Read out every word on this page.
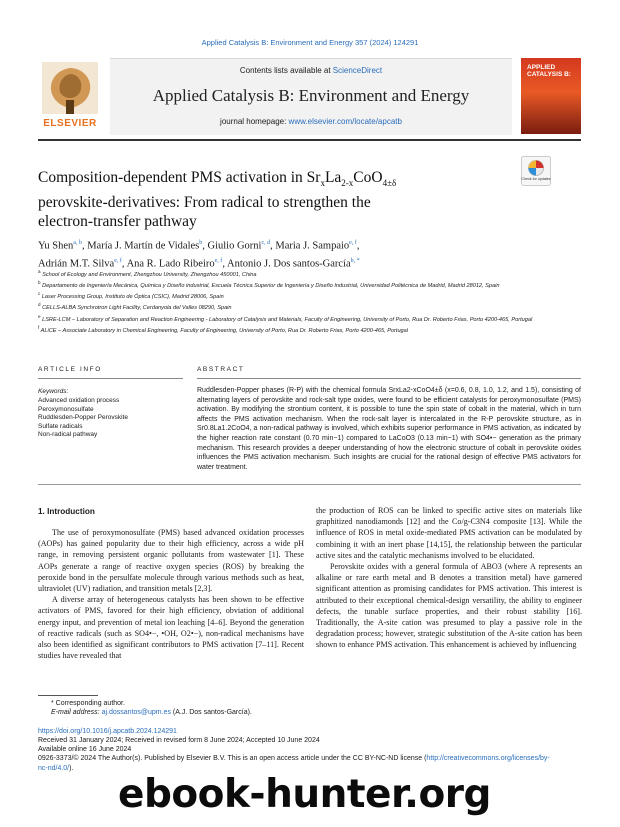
Applied Catalysis B: Environment and Energy 357 (2024) 124291
ELSEVIER
Contents lists available at ScienceDirect
Applied Catalysis B: Environment and Energy
journal homepage: www.elsevier.com/locate/apcatb
APPLIED CATALYSIS B:
Check for updates
Composition-dependent PMS activation in $Sr_xLa_{2-x}CoO_{4\pm\delta}$
perovskite-derivatives: From radical to strengthen the
electron-transfer pathway
Yu Shen$^{a, b}$, María J. Martín de Vidales$^b$, Giulio Gorni$^{c, d}$, Maria J. Sampaio$^{e, f}$,
Adrián M.T. Silva$^{e, f}$, Ana R. Lado Ribeiro$^{e, f}$, Antonio J. Dos santos-García$^{b, *}$
$^a$ School of Ecology and Environment, Zhengzhou University, Zhengzhou 450001, China
$^b$ Departamento de Ingeniería Mecánica, Química y Diseño industrial, Escuela Técnica Superior de Ingeniería y Diseño Industrial, Universidad Politécnica de Madrid, Madrid 28012, Spain
$^c$ Laser Processing Group, Instituto de Óptica (CSIC), Madrid 28006, Spain
$^d$ CELLS-ALBA Synchrotron Light Facility, Cerdanyola del Valles 08290, Spain
$^e$ LSRE-LCM – Laboratory of Separation and Reaction Engineering - Laboratory of Catalysis and Materials, Faculty of Engineering, University of Porto, Rua Dr. Roberto Frias, Porto 4200-465, Portugal
$^f$ ALiCE – Associate Laboratory in Chemical Engineering, Faculty of Engineering, University of Porto, Rua Dr. Roberto Frias, Porto 4200-465, Portugal
ARTICLE INFO	ABSTRACT
Keywords:
Advanced oxidation process
Peroxymonosulfate
Ruddlesden-Popper Perovskite
Sulfate radicals
Non-radical pathway
Ruddlesden-Popper phases (R-P) with the chemical formula SrxLa2-xCoO4±δ (x=0.6, 0.8, 1.0, 1.2, and 1.5), consisting of alternating layers of perovskite and rock-salt type oxides, were found to be efficient catalysts for peroxymonosulfate (PMS) activation. By modifying the strontium content, it is possible to tune the spin state of cobalt in the material, which in turn affects the PMS activation mechanism. When the rock-salt layer is intercalated in the R-P perovskite structure, as in Sr0.8La1.2CoO4, a non-radical pathway is involved, which exhibits superior performance in PMS activation, as indicated by the higher reaction rate constant (0.70 min−1) compared to LaCoO3 (0.13 min−1) with SO4•− generation as the primary mechanism. This research provides a deeper understanding of how the electronic structure of cobalt in perovskite oxides influences the PMS activation mechanism. Such insights are crucial for the rational design of effective PMS activators for water treatment.
1. Introduction

The use of peroxymonosulfate (PMS) based advanced oxidation processes (AOPs) has gained popularity due to their high efficiency, across a wide pH range, in removing persistent organic pollutants from wastewater [1]. These AOPs generate a range of reactive oxygen species (ROS) by breaking the peroxide bond in the persulfate molecule through various methods such as heat, ultraviolet (UV) radiation, and transition metals [2,3].

A diverse array of heterogeneous catalysts has been shown to be effective activators of PMS, favored for their high efficiency, obviation of additional energy input, and prevention of metal ion leaching [4–6]. Beyond the generation of reactive radicals (such as SO4•−, •OH, O2•−), non-radical mechanisms have also been identified as significant contributors to PMS activation [7–11]. Recent studies have revealed that

the production of ROS can be linked to specific active sites on materials like graphitized nanodiamonds [12] and the Co/g-C3N4 composite [13]. While the influence of ROS in metal oxide-mediated PMS activation can be modulated by combining it with an inert phase [14,15], the relationship between the particular active sites and the catalytic mechanisms involved to be elucidated.

Perovskite oxides with a general formula of ABO3 (where A represents an alkaline or rare earth metal and B denotes a transition metal) have garnered significant attention as promising candidates for PMS activation. This interest is attributed to their exceptional chemical-design versatility, the ability to engineer defects, the tunable surface properties, and their robust stability [16]. Traditionally, the A-site cation was presumed to play a passive role in the degradation process; however, strategic substitution of the A-site cation has been shown to enhance PMS activation. This enhancement is achieved by influencing

* Corresponding author.
E-mail address: aj.dossantos@upm.es (A.J. Dos santos-García).
https://doi.org/10.1016/j.apcatb.2024.124291
Received 31 January 2024; Received in revised form 8 June 2024; Accepted 10 June 2024
Available online 16 June 2024
0926-3373/© 2024 The Author(s). Published by Elsevier B.V. This is an open access article under the CC BY-NC-ND license (http://creativecommons.org/licenses/by-nc-nd/4.0/).
ebook-hunter.org
